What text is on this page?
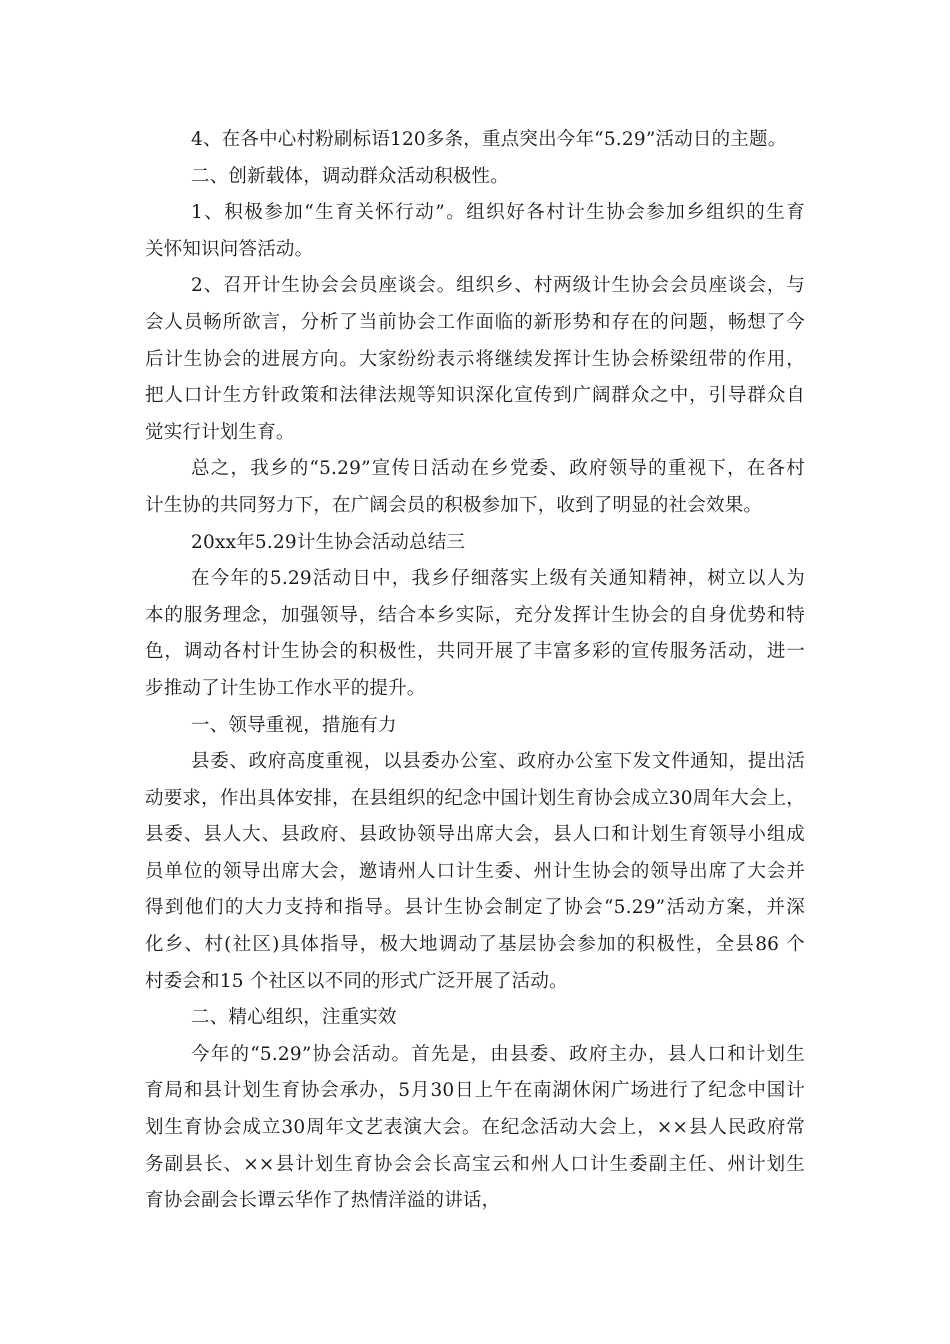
4、在各中心村粉刷标语120多条，重点突出今年“5.29”活动日的主题。
二、创新载体，调动群众活动积极性。
1、积极参加“生育关怀行动”。组织好各村计生协会参加乡组织的生育
关怀知识问答活动。
2、召开计生协会会员座谈会。组织乡、村两级计生协会会员座谈会，与
会人员畅所欲言，分析了当前协会工作面临的新形势和存在的问题，畅想了今
后计生协会的进展方向。大家纷纷表示将继续发挥计生协会桥梁纽带的作用，
把人口计生方针政策和法律法规等知识深化宣传到广阔群众之中，引导群众自
觉实行计划生育。
总之，我乡的“5.29”宣传日活动在乡党委、政府领导的重视下，在各村
计生协的共同努力下，在广阔会员的积极参加下，收到了明显的社会效果。
20xx年5.29计生协会活动总结三
在今年的5.29活动日中，我乡仔细落实上级有关通知精神，树立以人为
本的服务理念，加强领导，结合本乡实际，充分发挥计生协会的自身优势和特
色，调动各村计生协会的积极性，共同开展了丰富多彩的宣传服务活动，进一
步推动了计生协工作水平的提升。
一、领导重视，措施有力
县委、政府高度重视，以县委办公室、政府办公室下发文件通知，提出活
动要求，作出具体安排，在县组织的纪念中国计划生育协会成立30周年大会上，
县委、县人大、县政府、县政协领导出席大会，县人口和计划生育领导小组成
员单位的领导出席大会，邀请州人口计生委、州计生协会的领导出席了大会并
得到他们的大力支持和指导。县计生协会制定了协会“5.29”活动方案，并深
化乡、村(社区)具体指导，极大地调动了基层协会参加的积极性，全县86 个
村委会和15 个社区以不同的形式广泛开展了活动。
二、精心组织，注重实效
今年的“5.29”协会活动。首先是，由县委、政府主办，县人口和计划生
育局和县计划生育协会承办，5月30日上午在南湖休闲广场进行了纪念中国计
划生育协会成立30周年文艺表演大会。在纪念活动大会上，××县人民政府常
务副县长、××县计划生育协会会长高宝云和州人口计生委副主任、州计划生
育协会副会长谭云华作了热情洋溢的讲话，
